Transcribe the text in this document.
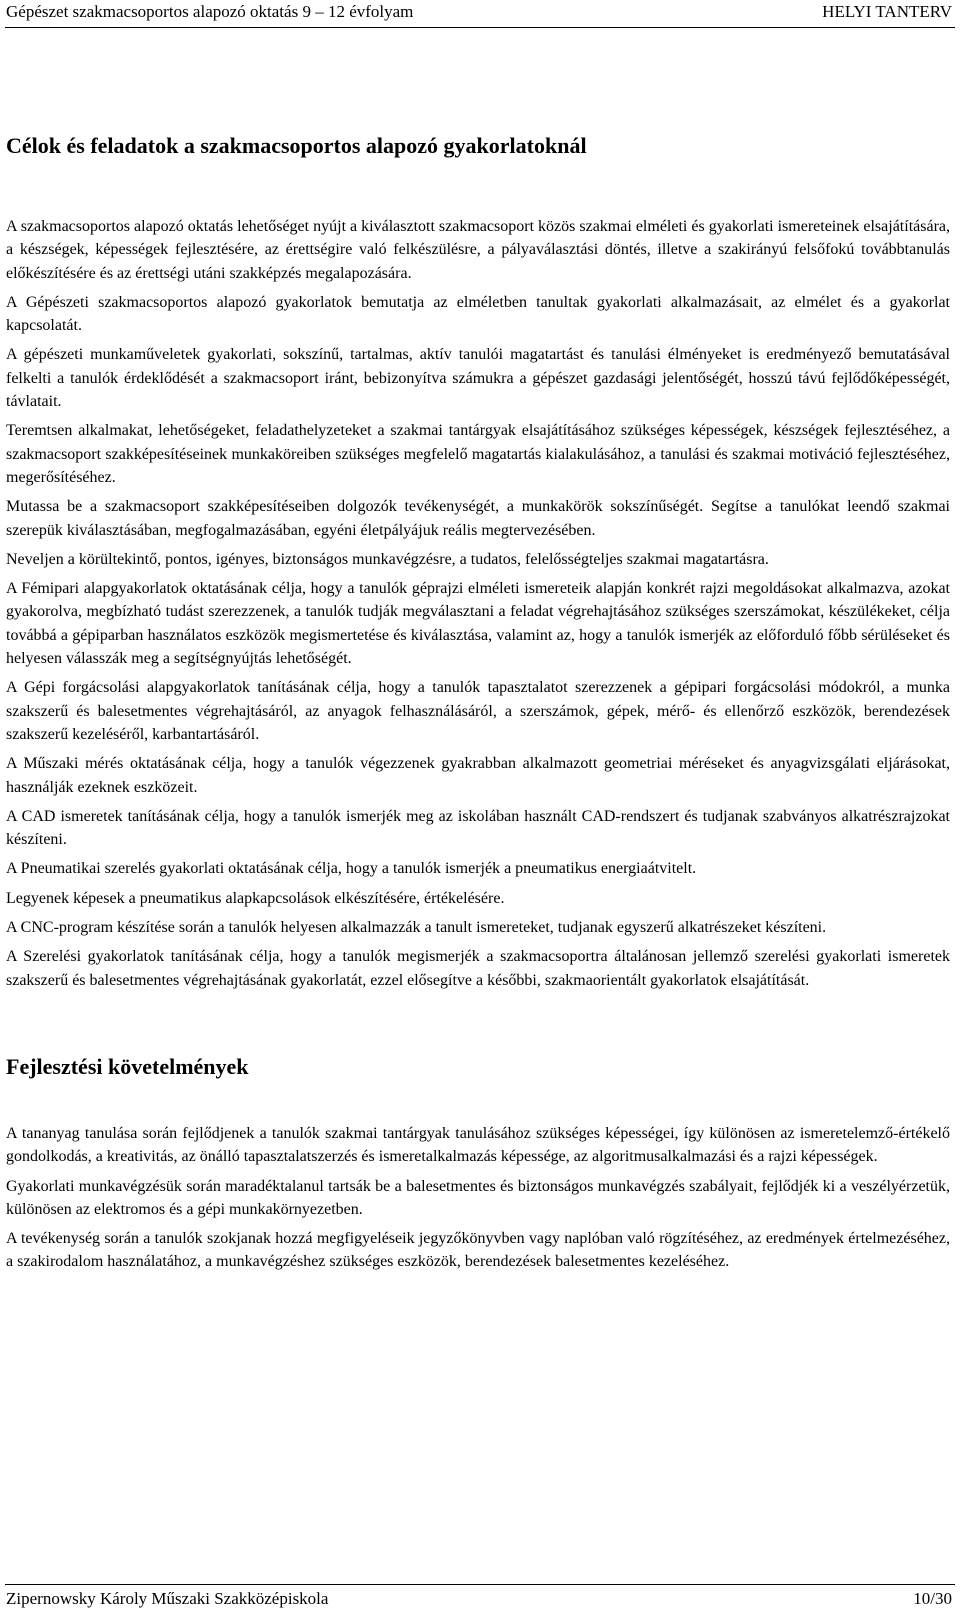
Gépészet szakmacsoportos alapozó oktatás 9 – 12 évfolyam	HELYI TANTERV
Célok és feladatok a szakmacsoportos alapozó gyakorlatoknál

A szakmacsoportos alapozó oktatás lehetőséget nyújt a kiválasztott szakmacsoport közös szakmai elméleti és gyakorlati ismereteinek elsajátítására, a készségek, képességek fejlesztésére, az érettségire való felkészülésre, a pályaválasztási döntés, illetve a szakirányú felsőfokú továbbtanulás előkészítésére és az érettségi utáni szakképzés megalapozására.

A Gépészeti szakmacsoportos alapozó gyakorlatok bemutatja az elméletben tanultak gyakorlati alkalmazásait, az elmélet és a gyakorlat kapcsolatát.

A gépészeti munkaműveletek gyakorlati, sokszínű, tartalmas, aktív tanulói magatartást és tanulási élményeket is eredményező bemutatásával felkelti a tanulók érdeklődését a szakmacsoport iránt, bebizonyítva számukra a gépészet gazdasági jelentőségét, hosszú távú fejlődőképességét, távlatait.

Teremtsen alkalmakat, lehetőségeket, feladathelyzeteket a szakmai tantárgyak elsajátításához szükséges képességek, készségek fejlesztéséhez, a szakmacsoport szakképesítéseinek munkaköreiben szükséges megfelelő magatartás kialakulásához, a tanulási és szakmai motiváció fejlesztéséhez, megerősítéséhez.

Mutassa be a szakmacsoport szakképesítéseiben dolgozók tevékenységét, a munkakörök sokszínűségét. Segítse a tanulókat leendő szakmai szerepük kiválasztásában, megfogalmazásában, egyéni életpályájuk reális megtervezésében.

Neveljen a körültekintő, pontos, igényes, biztonságos munkavégzésre, a tudatos, felelősségteljes szakmai magatartásra.

A Fémipari alapgyakorlatok oktatásának célja, hogy a tanulók géprajzi elméleti ismereteik alapján konkrét rajzi megoldásokat alkalmazva, azokat gyakorolva, megbízható tudást szerezzenek, a tanulók tudják megválasztani a feladat végrehajtásához szükséges szerszámokat, készülékeket, célja továbbá a gépiparban használatos eszközök megismertetése és kiválasztása, valamint az, hogy a tanulók ismerjék az előforduló főbb sérüléseket és helyesen válasszák meg a segítségnyújtás lehetőségét.

A Gépi forgácsolási alapgyakorlatok tanításának célja, hogy a tanulók tapasztalatot szerezzenek a gépipari forgácsolási módokról, a munka szakszerű és balesetmentes végrehajtásáról, az anyagok felhasználásáról, a szerszámok, gépek, mérő- és ellenőrző eszközök, berendezések szakszerű kezeléséről, karbantartásáról.

A Műszaki mérés oktatásának célja, hogy a tanulók végezzenek gyakrabban alkalmazott geometriai méréseket és anyagvizsgálati eljárásokat, használják ezeknek eszközeit.

A CAD ismeretek tanításának célja, hogy a tanulók ismerjék meg az iskolában használt CAD-rendszert és tudjanak szabványos alkatrészrajzokat készíteni.

A Pneumatikai szerelés gyakorlati oktatásának célja, hogy a tanulók ismerjék a pneumatikus energiaátvitelt.

Legyenek képesek a pneumatikus alapkapcsolások elkészítésére, értékelésére.

A CNC-program készítése során a tanulók helyesen alkalmazzák a tanult ismereteket, tudjanak egyszerű alkatrészeket készíteni.

A Szerelési gyakorlatok tanításának célja, hogy a tanulók megismerjék a szakmacsoportra általánosan jellemző szerelési gyakorlati ismeretek szakszerű és balesetmentes végrehajtásának gyakorlatát, ezzel elősegítve a későbbi, szakmaorientált gyakorlatok elsajátítását.

Fejlesztési követelmények

A tananyag tanulása során fejlődjenek a tanulók szakmai tantárgyak tanulásához szükséges képességei, így különösen az ismeretelemző-értékelő gondolkodás, a kreativitás, az önálló tapasztalatszerzés és ismeretalkalmazás képessége, az algoritmusalkalmazási és a rajzi képességek.

Gyakorlati munkavégzésük során maradéktalanul tartsák be a balesetmentes és biztonságos munkavégzés szabályait, fejlődjék ki a veszélyérzetük, különösen az elektromos és a gépi munkakörnyezetben.

A tevékenység során a tanulók szokjanak hozzá megfigyeléseik jegyzőkönyvben vagy naplóban való rögzítéséhez, az eredmények értelmezéséhez, a szakirodalom használatához, a munkavégzéshez szükséges eszközök, berendezések balesetmentes kezeléséhez.

Zipernowsky Károly Műszaki Szakközépiskola	10/30
